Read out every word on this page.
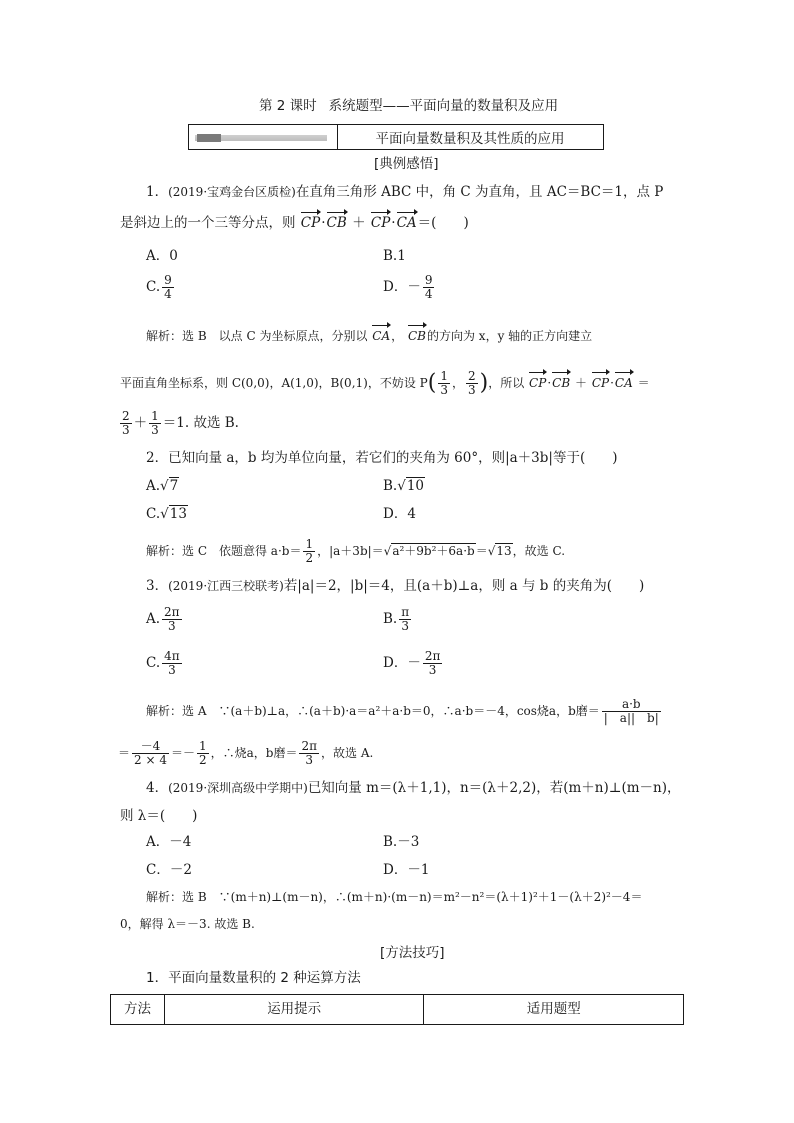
第 2 课时 系统题型——平面向量的数量积及应用
平面向量数量积及其性质的应用
[典例感悟]
1．(2019·宝鸡金台区质检)在直角三角形 ABC 中，角 C 为直角，且 AC＝BC＝1，点 P
是斜边上的一个三等分点，则 CP·CB ＋ CP·CA＝(　　)
A．0	B.1
C. $\frac{9}{4}$	D．－ $\frac{9}{4}$
解析：选 B　以点 C 为坐标原点，分别以 CA， CB的方向为 x，y 轴的正方向建立
平面直角坐标系，则 C(0,0)，A(1,0)，B(0,1)，不妨设 $P( \frac{1}{3}$ ， $\frac{2}{3}$ )，所以 CP·CB ＋ CP·CA ＝
$\frac{2}{3} + \frac{1}{3} =1$. 故选 B.
2．已知向量 a，b 均为单位向量，若它们的夹角为 60°，则|a＋3b|等于(　　)
A.√7	B.√10
C.√13	D．4
解析：选 C　依题意得 $a\cdot b= \frac{1}{2}$ ，|a＋3b|＝√a²＋9b²＋6a·b＝√13，故选 C.
3．(2019·江西三校联考)若|a|＝2，|b|＝4，且(a＋b)⊥a，则 a 与 b 的夹角为(　　)
A. $\frac{2\pi}{3}$	B. $\frac{\pi}{3}$
C. $\frac{4\pi}{3}$	D．－ $\frac{2\pi}{3}$
解析：选 A　∵(a＋b)⊥a，∴(a＋b)·a＝a²＋a·b＝0，∴a·b＝－4，cos烧a，b磨＝ $\frac{a\cdot b}{| a|| b|}$
＝ $\frac{-4}{2 \times 4} =- \frac{1}{2}$ ，∴烧a，b磨＝ $\frac{2\pi}{3}$ ，故选 A.
4．(2019·深圳高级中学期中)已知向量 m＝(λ＋1,1)，n＝(λ＋2,2)，若(m＋n)⊥(m－n)，
则 λ＝(　　)
A．－4	B.－3
C．－2	D．－1
解析：选 B　∵(m＋n)⊥(m－n)，∴(m＋n)·(m－n)＝m²－n²＝(λ＋1)²＋1－(λ＋2)²－4＝
0，解得 λ＝－3. 故选 B.
[方法技巧]
1．平面向量数量积的 2 种运算方法
方法	运用提示	适用题型
